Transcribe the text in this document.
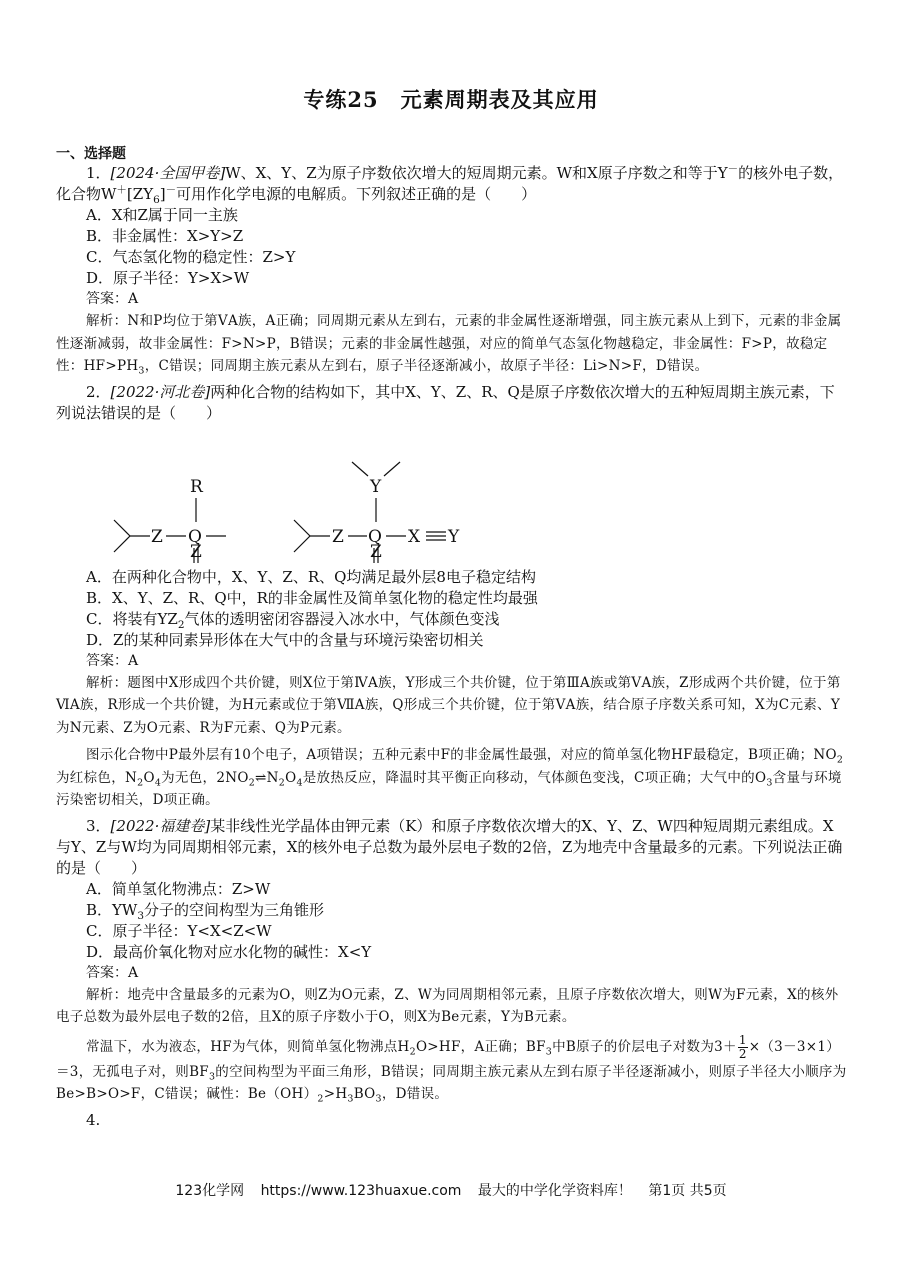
专练25　元素周期表及其应用
一、选择题

1．[2024·全国甲卷]W、X、Y、Z为原子序数依次增大的短周期元素。W和X原子序数之和等于Y－的核外电子数，化合物$W^+[ZY_6]^-$可用作化学电源的电解质。下列叙述正确的是（　　）

A．X和Z属于同一主族

B．非金属性：X>Y>Z

C．气态氢化物的稳定性：Z>Y

D．原子半径：Y>X>W

答案：A

解析：N和P均位于第ⅤA族，A正确；同周期元素从左到右，元素的非金属性逐渐增强，同主族元素从上到下，元素的非金属性逐渐减弱，故非金属性：F>N>P，B错误；元素的非金属性越强，对应的简单气态氢化物越稳定，非金属性：F>P，故稳定性：$HF>PH_3$，C错误；同周期主族元素从左到右，原子半径逐渐减小，故原子半径：Li>N>F，D错误。

2．[2022·河北卷]两种化合物的结构如下，其中X、Y、Z、R、Q是原子序数依次增大的五种短周期主族元素，下列说法错误的是（　　）

Z Q
R
Z Q X Y
Y
Z	Z

A．在两种化合物中，X、Y、Z、R、Q均满足最外层8电子稳定结构

B．X、Y、Z、R、Q中，R的非金属性及简单氢化物的稳定性均最强

C．将装有$YZ_2$气体的透明密闭容器浸入冰水中，气体颜色变浅

D．Z的某种同素异形体在大气中的含量与环境污染密切相关

答案：A

解析：题图中X形成四个共价键，则X位于第ⅣA族，Y形成三个共价键，位于第ⅢA族或第ⅤA族，Z形成两个共价键，位于第ⅥA族，R形成一个共价键，为H元素或位于第ⅦA族，Q形成三个共价键，位于第ⅤA族，结合原子序数关系可知，X为C元素、Y为N元素、Z为O元素、R为F元素、Q为P元素。

图示化合物中P最外层有10个电子，A项错误；五种元素中F的非金属性最强，对应的简单氢化物HF最稳定，B项正确；$NO_2$为红棕色，$N_2O_4$为无色，$2NO_2\rightleftharpoons N_2O_4$是放热反应，降温时其平衡正向移动，气体颜色变浅，C项正确；大气中的$O_3$含量与环境污染密切相关，D项正确。

3．[2022·福建卷]某非线性光学晶体由钾元素（K）和原子序数依次增大的X、Y、Z、W四种短周期元素组成。X与Y、Z与W均为同周期相邻元素，X的核外电子总数为最外层电子数的2倍，Z为地壳中含量最多的元素。下列说法正确的是（　　）

A．简单氢化物沸点：Z>W

B．$YW_3$分子的空间构型为三角锥形

C．原子半径：Y<X<Z<W

D．最高价氧化物对应水化物的碱性：X<Y

答案：A

解析：地壳中含量最多的元素为O，则Z为O元素，Z、W为同周期相邻元素，且原子序数依次增大，则W为F元素，X的核外电子总数为最外层电子数的2倍，且X的原子序数小于O，则X为Be元素，Y为B元素。

常温下，水为液态，HF为气体，则简单氢化物沸点$H_2O>HF$，A正确；$BF_3$中B原子的价层电子对数为$3+ \frac{1}{2} \times(3-3\times 1)=3$，无孤电子对，则$BF_3$的空间构型为平面三角形，B错误；同周期主族元素从左到右原子半径逐渐减小，则原子半径大小顺序为Be>B>O>F，C错误；碱性：$Be(OH)_2>H_3BO_3$，D错误。

4.

123化学网 https://www.123huaxue.com 最大的中学化学资料库！ 第1页 共5页
